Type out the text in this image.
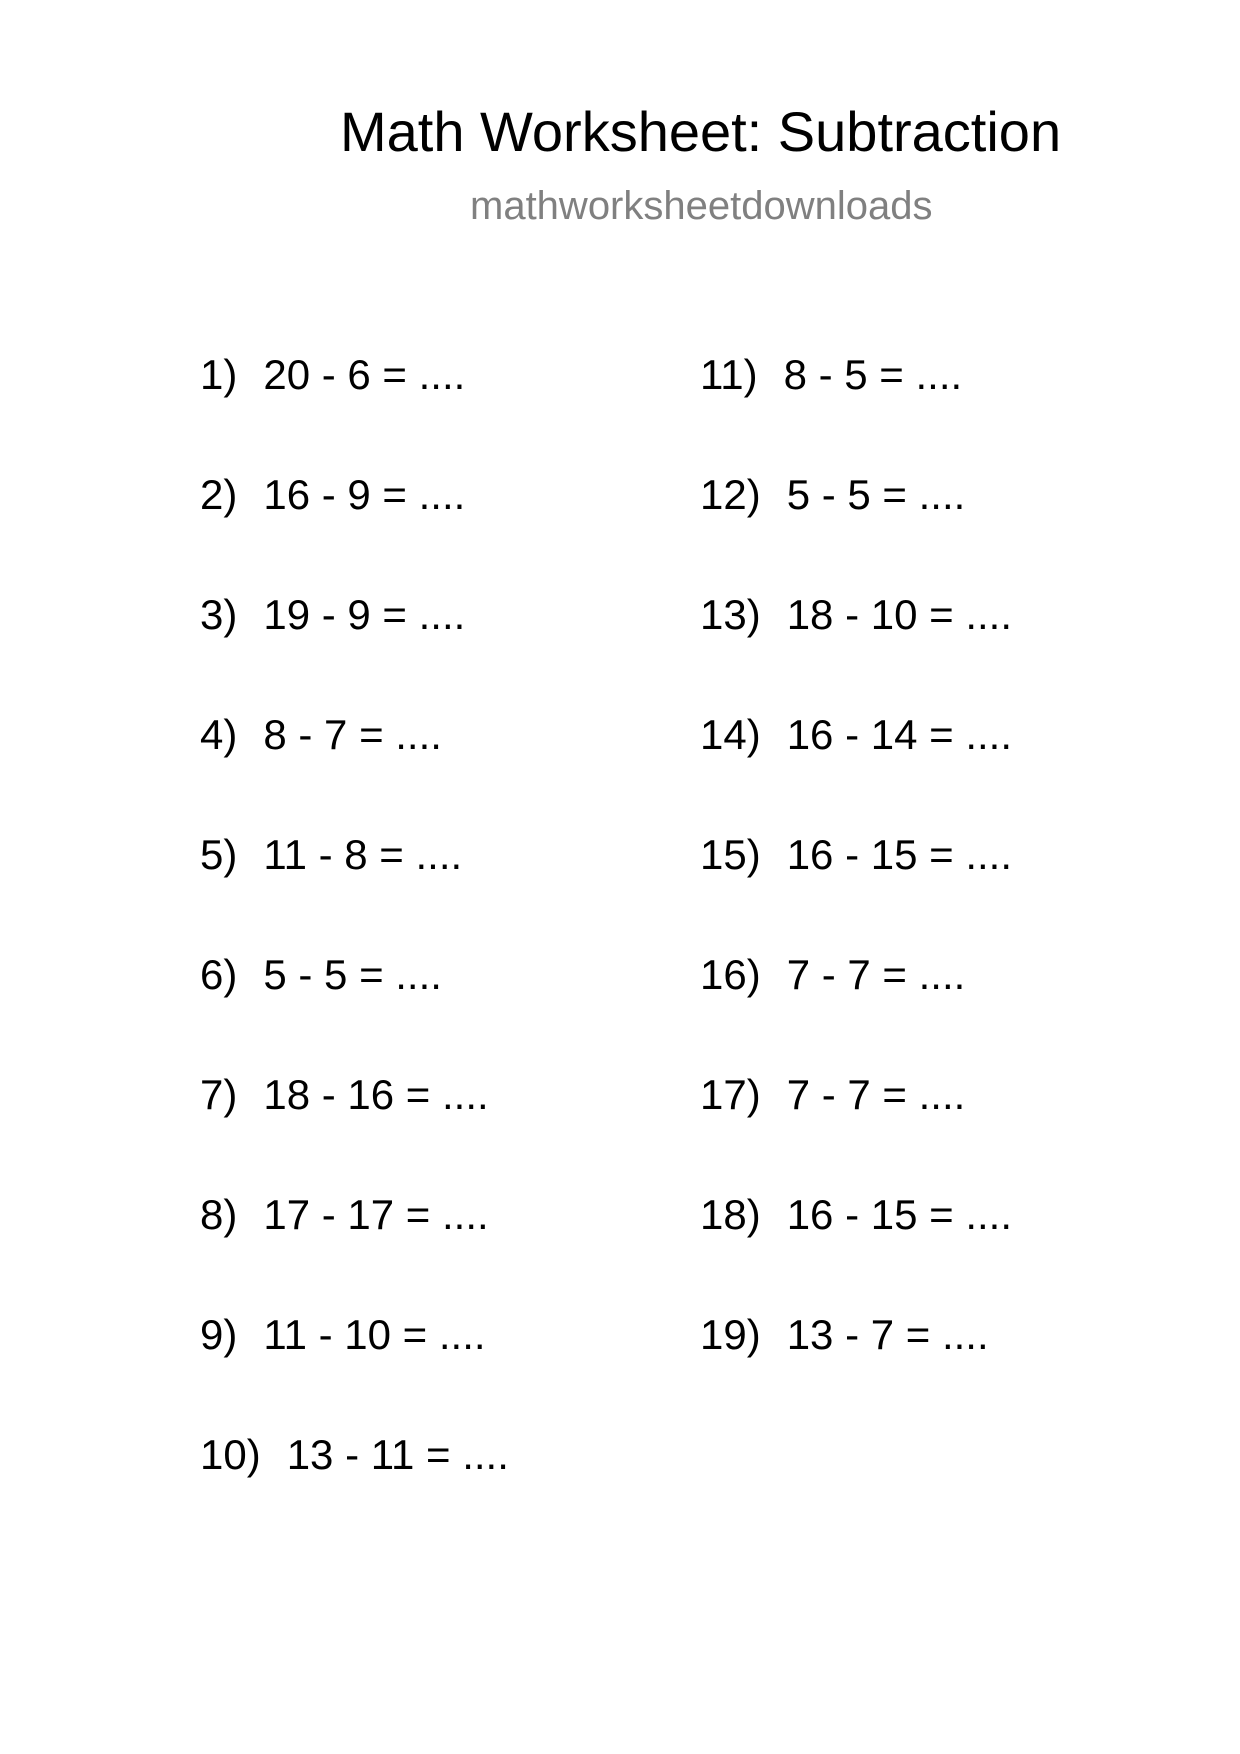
Math Worksheet: Subtraction
mathworksheetdownloads
1) 20 - 6 = ....
2) 16 - 9 = ....
3) 19 - 9 = ....
4) 8 - 7 = ....
5) 11 - 8 = ....
6) 5 - 5 = ....
7) 18 - 16 = ....
8) 17 - 17 = ....
9) 11 - 10 = ....
10) 13 - 11 = ....
11) 8 - 5 = ....
12) 5 - 5 = ....
13) 18 - 10 = ....
14) 16 - 14 = ....
15) 16 - 15 = ....
16) 7 - 7 = ....
17) 7 - 7 = ....
18) 16 - 15 = ....
19) 13 - 7 = ....
